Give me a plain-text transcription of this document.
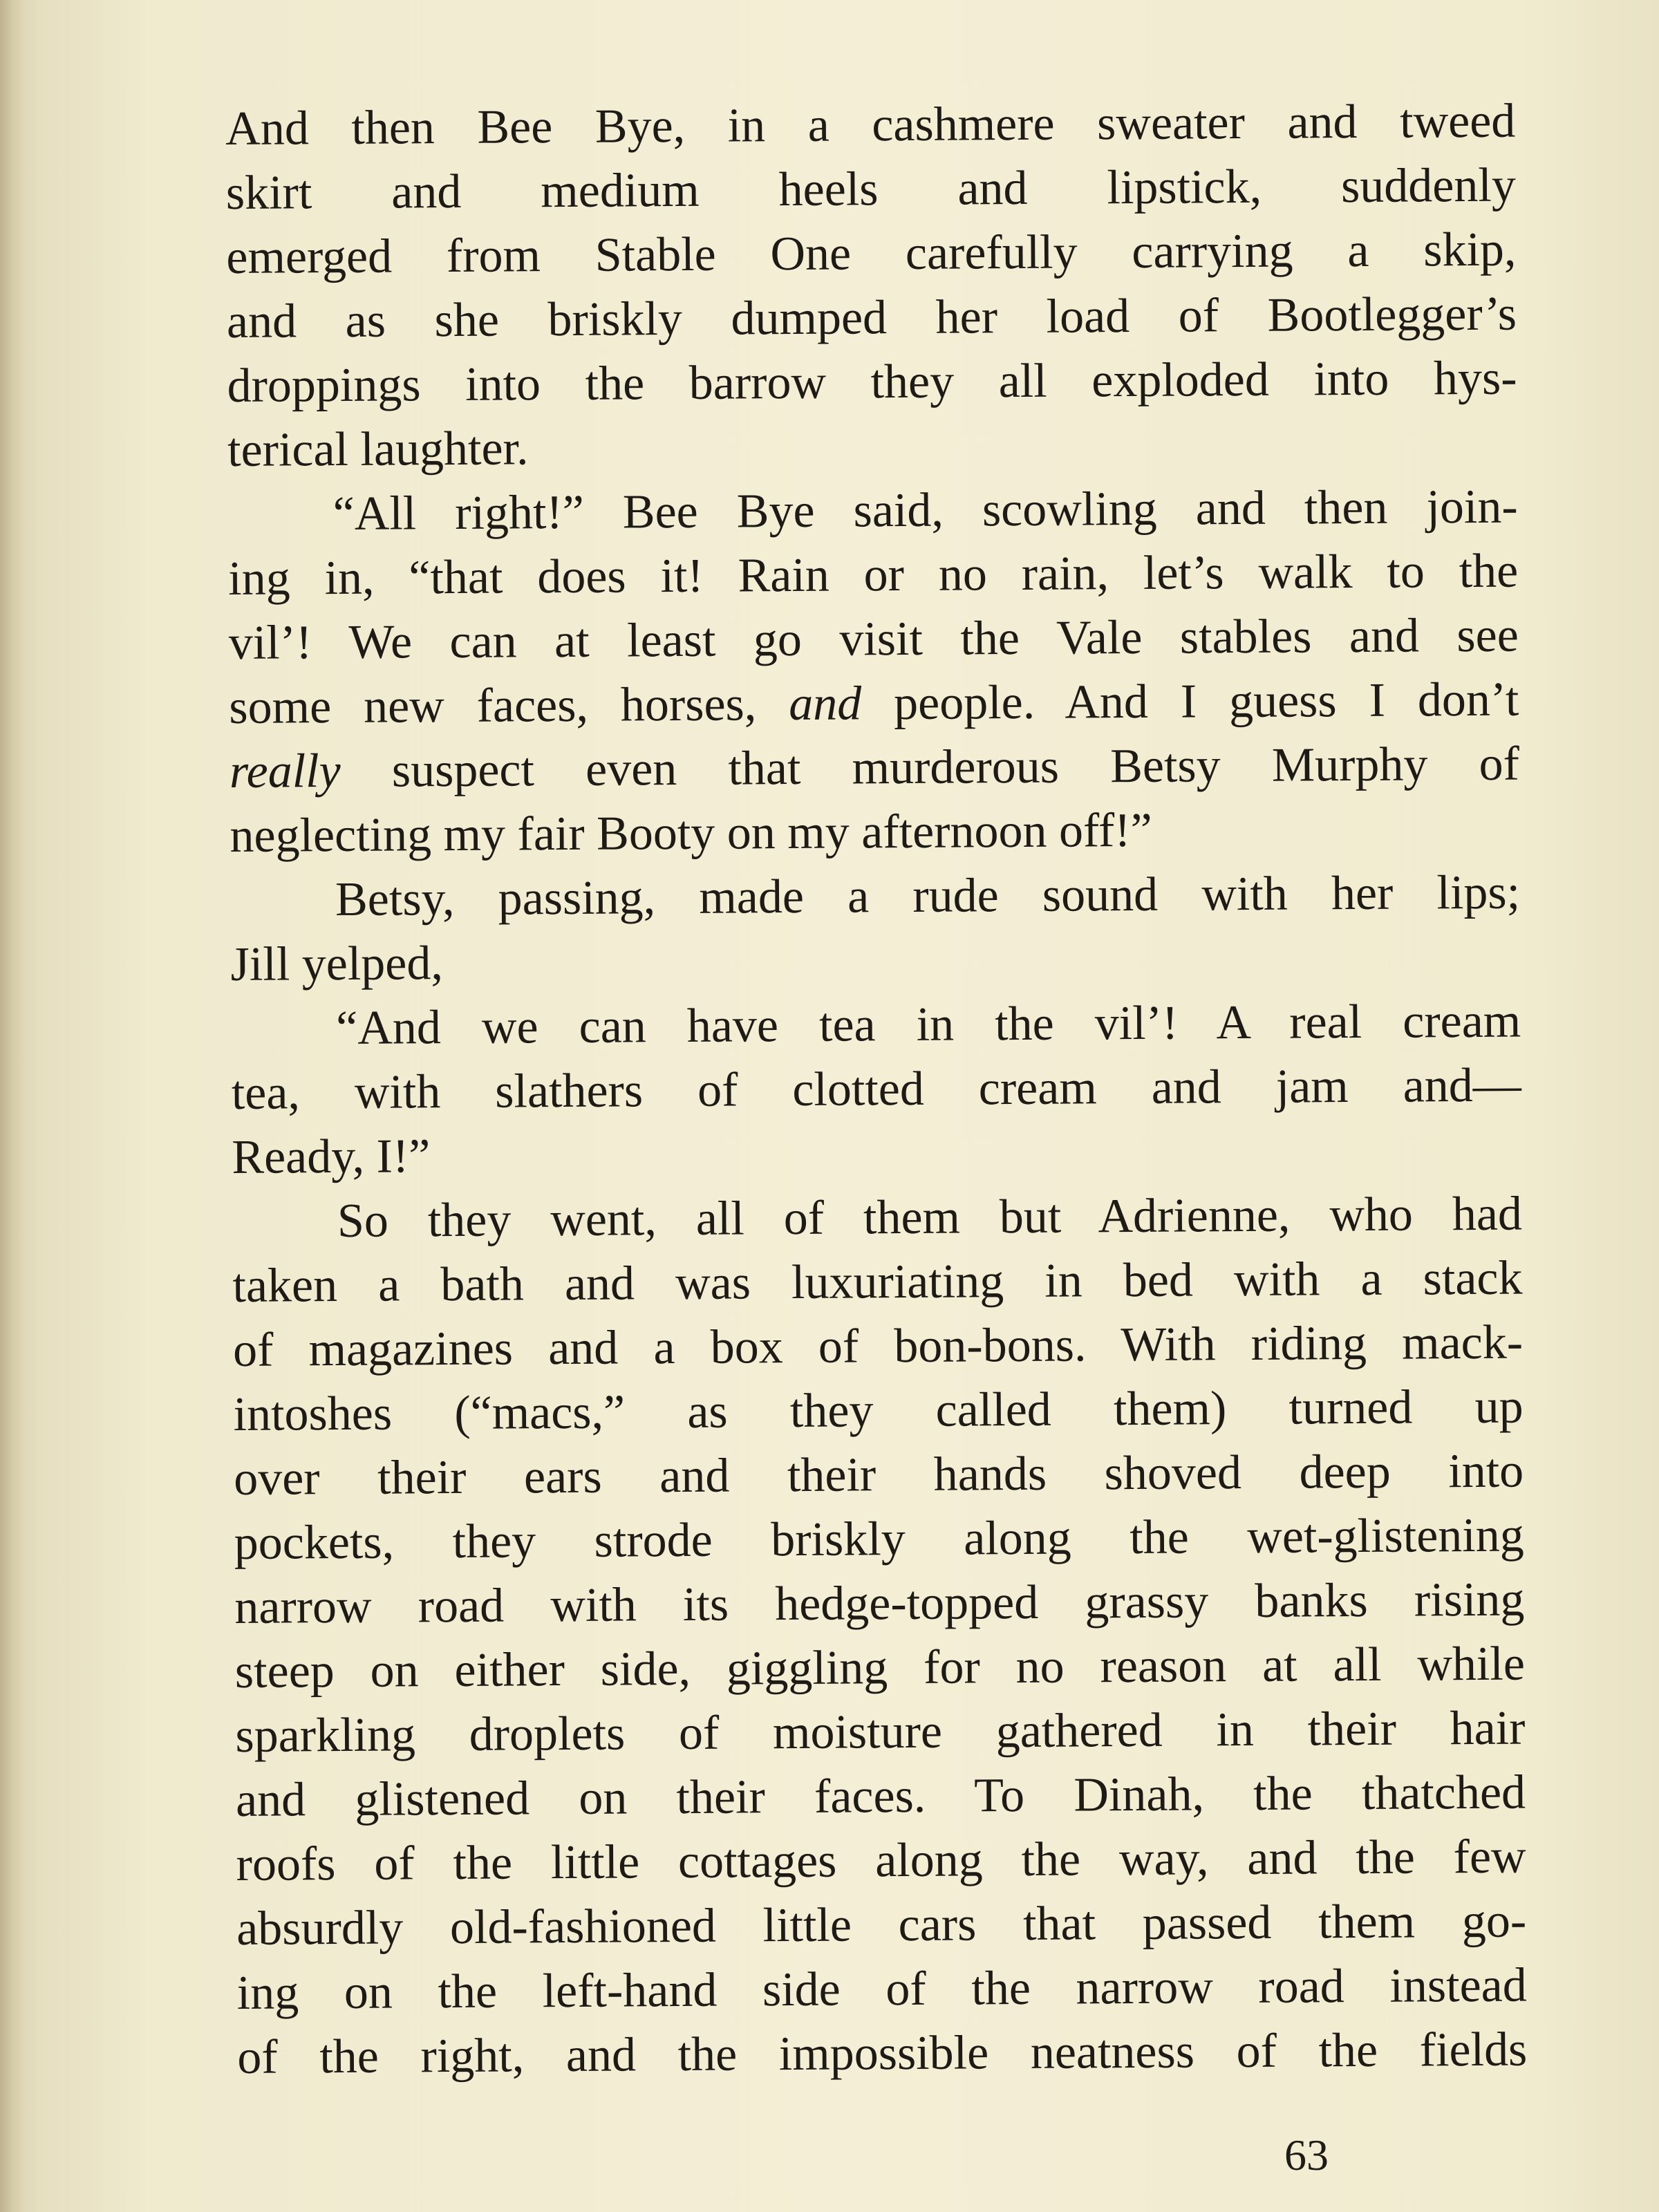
And then Bee Bye, in a cashmere sweater and tweed
skirt and medium heels and lipstick, suddenly
emerged from Stable One carefully carrying a skip,
and as she briskly dumped her load of Bootlegger’s
droppings into the barrow they all exploded into hys-
terical laughter.
“All right!” Bee Bye said, scowling and then join-
ing in, “that does it! Rain or no rain, let’s walk to the
vil’! We can at least go visit the Vale stables and see
some new faces, horses, and people. And I guess I don’t
really suspect even that murderous Betsy Murphy of
neglecting my fair Booty on my afternoon off!”
Betsy, passing, made a rude sound with her lips;
Jill yelped,
“And we can have tea in the vil’! A real cream
tea, with slathers of clotted cream and jam and—
Ready, I!”
So they went, all of them but Adrienne, who had
taken a bath and was luxuriating in bed with a stack
of magazines and a box of bon-bons. With riding mack-
intoshes (“macs,” as they called them) turned up
over their ears and their hands shoved deep into
pockets, they strode briskly along the wet-glistening
narrow road with its hedge-topped grassy banks rising
steep on either side, giggling for no reason at all while
sparkling droplets of moisture gathered in their hair
and glistened on their faces. To Dinah, the thatched
roofs of the little cottages along the way, and the few
absurdly old-fashioned little cars that passed them go-
ing on the left-hand side of the narrow road instead
of the right, and the impossible neatness of the fields
63
